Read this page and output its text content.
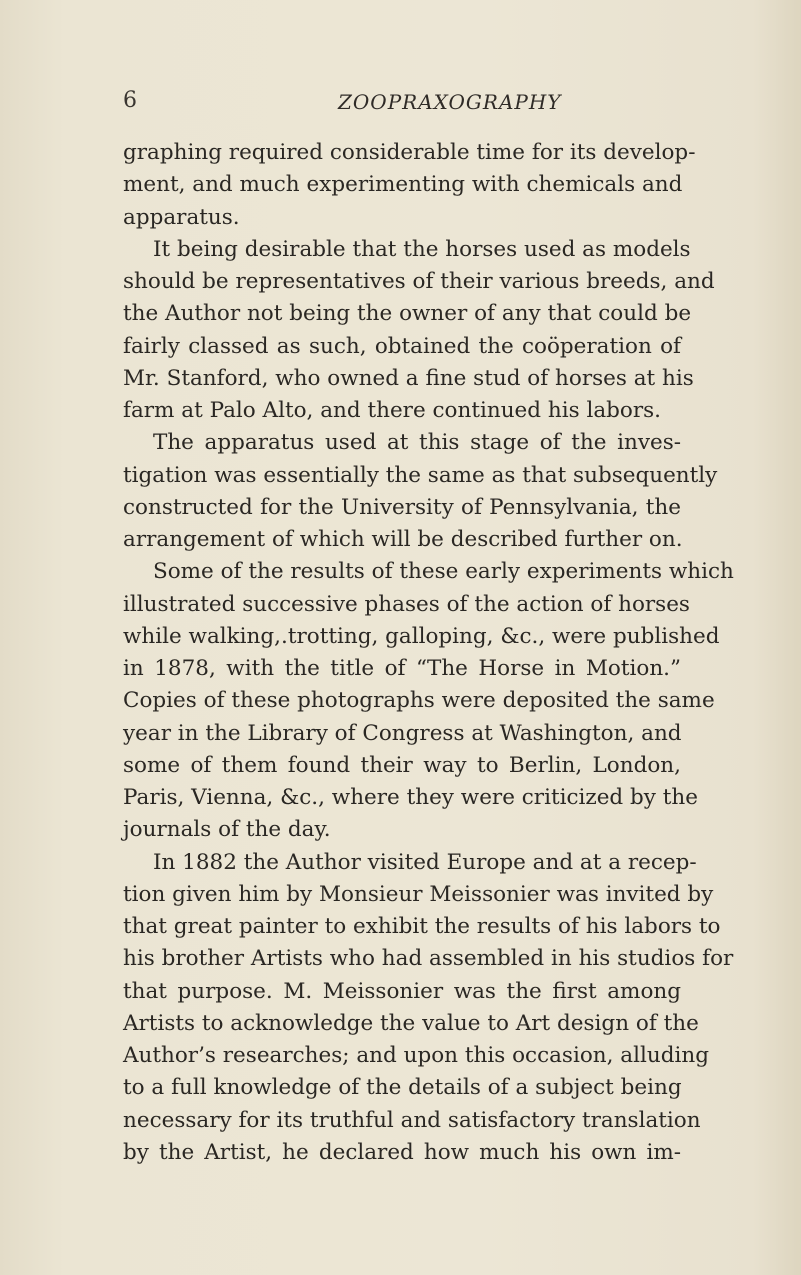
6	ZOOPRAXOGRAPHY
graphing required considerable time for its develop-
ment, and much experimenting with chemicals and
apparatus.
It being desirable that the horses used as models
should be representatives of their various breeds, and
the Author not being the owner of any that could be
fairly classed as such, obtained the coöperation of
Mr. Stanford, who owned a fine stud of horses at his
farm at Palo Alto, and there continued his labors.
The apparatus used at this stage of the inves-
tigation was essentially the same as that subsequently
constructed for the University of Pennsylvania, the
arrangement of which will be described further on.
Some of the results of these early experiments which
illustrated successive phases of the action of horses
while walking,.trotting, galloping, &c., were published
in 1878, with the title of “The Horse in Motion.”
Copies of these photographs were deposited the same
year in the Library of Congress at Washington, and
some of them found their way to Berlin, London,
Paris, Vienna, &c., where they were criticized by the
journals of the day.
In 1882 the Author visited Europe and at a recep-
tion given him by Monsieur Meissonier was invited by
that great painter to exhibit the results of his labors to
his brother Artists who had assembled in his studios for
that purpose. M. Meissonier was the first among
Artists to acknowledge the value to Art design of the
Author’s researches; and upon this occasion, alluding
to a full knowledge of the details of a subject being
necessary for its truthful and satisfactory translation
by the Artist, he declared how much his own im-
